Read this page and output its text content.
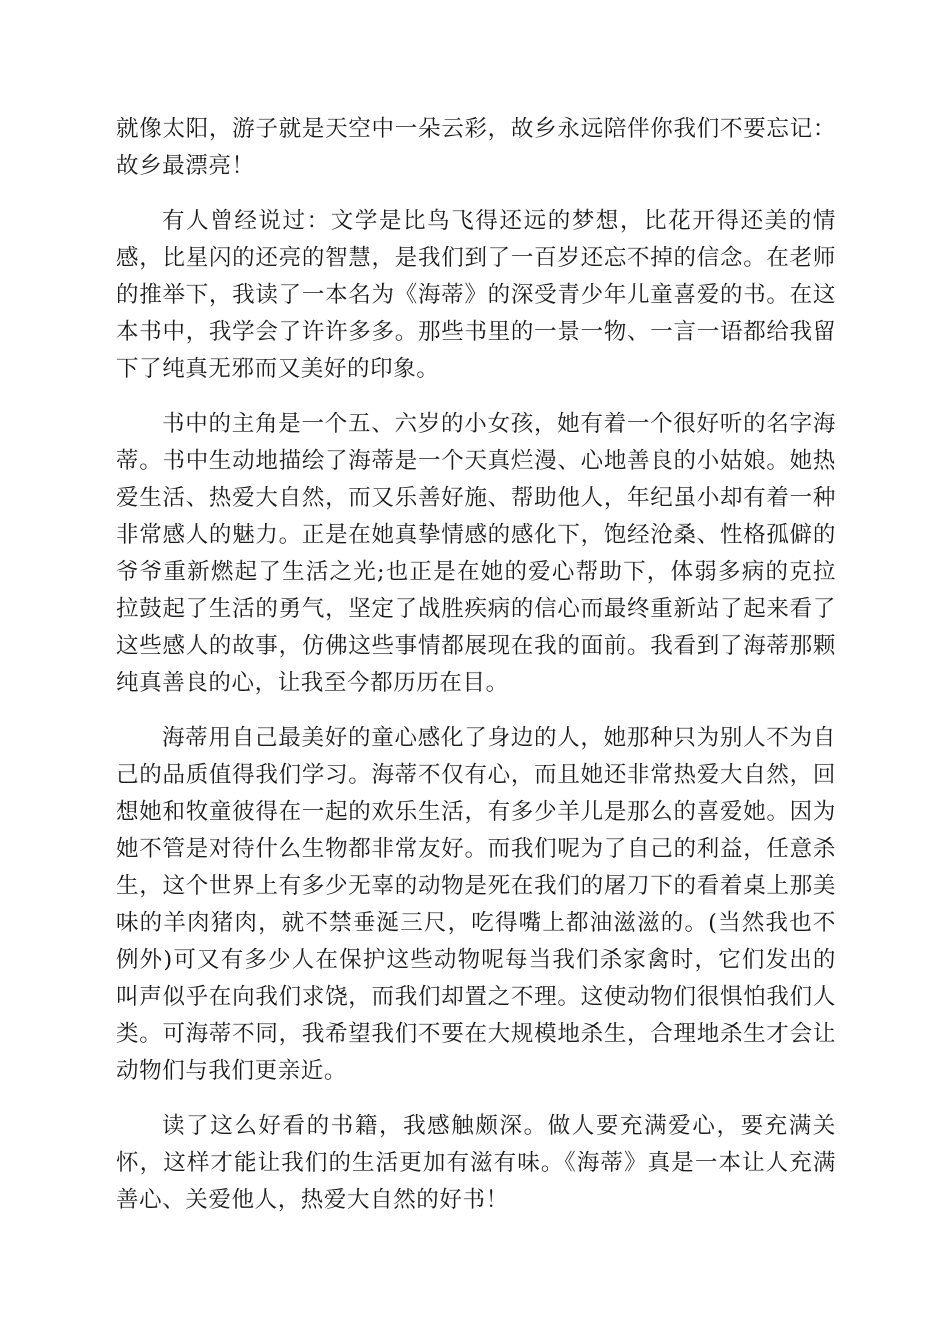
就像太阳，游子就是天空中一朵云彩，故乡永远陪伴你我们不要忘记：故乡最漂亮！

有人曾经说过：文学是比鸟飞得还远的梦想，比花开得还美的情感，比星闪的还亮的智慧，是我们到了一百岁还忘不掉的信念。在老师的推举下，我读了一本名为《海蒂》的深受青少年儿童喜爱的书。在这本书中，我学会了许许多多。那些书里的一景一物、一言一语都给我留下了纯真无邪而又美好的印象。

书中的主角是一个五、六岁的小女孩，她有着一个很好听的名字海蒂。书中生动地描绘了海蒂是一个天真烂漫、心地善良的小姑娘。她热爱生活、热爱大自然，而又乐善好施、帮助他人，年纪虽小却有着一种非常感人的魅力。正是在她真挚情感的感化下，饱经沧桑、性格孤僻的爷爷重新燃起了生活之光;也正是在她的爱心帮助下，体弱多病的克拉拉鼓起了生活的勇气，坚定了战胜疾病的信心而最终重新站了起来看了这些感人的故事，仿佛这些事情都展现在我的面前。我看到了海蒂那颗纯真善良的心，让我至今都历历在目。

海蒂用自己最美好的童心感化了身边的人，她那种只为别人不为自己的品质值得我们学习。海蒂不仅有心，而且她还非常热爱大自然，回想她和牧童彼得在一起的欢乐生活，有多少羊儿是那么的喜爱她。因为她不管是对待什么生物都非常友好。而我们呢为了自己的利益，任意杀生，这个世界上有多少无辜的动物是死在我们的屠刀下的看着桌上那美味的羊肉猪肉，就不禁垂涎三尺，吃得嘴上都油滋滋的。(当然我也不例外)可又有多少人在保护这些动物呢每当我们杀家禽时，它们发出的叫声似乎在向我们求饶，而我们却置之不理。这使动物们很惧怕我们人类。可海蒂不同，我希望我们不要在大规模地杀生，合理地杀生才会让动物们与我们更亲近。

读了这么好看的书籍，我感触颇深。做人要充满爱心，要充满关怀，这样才能让我们的生活更加有滋有味。《海蒂》真是一本让人充满善心、关爱他人，热爱大自然的好书！
